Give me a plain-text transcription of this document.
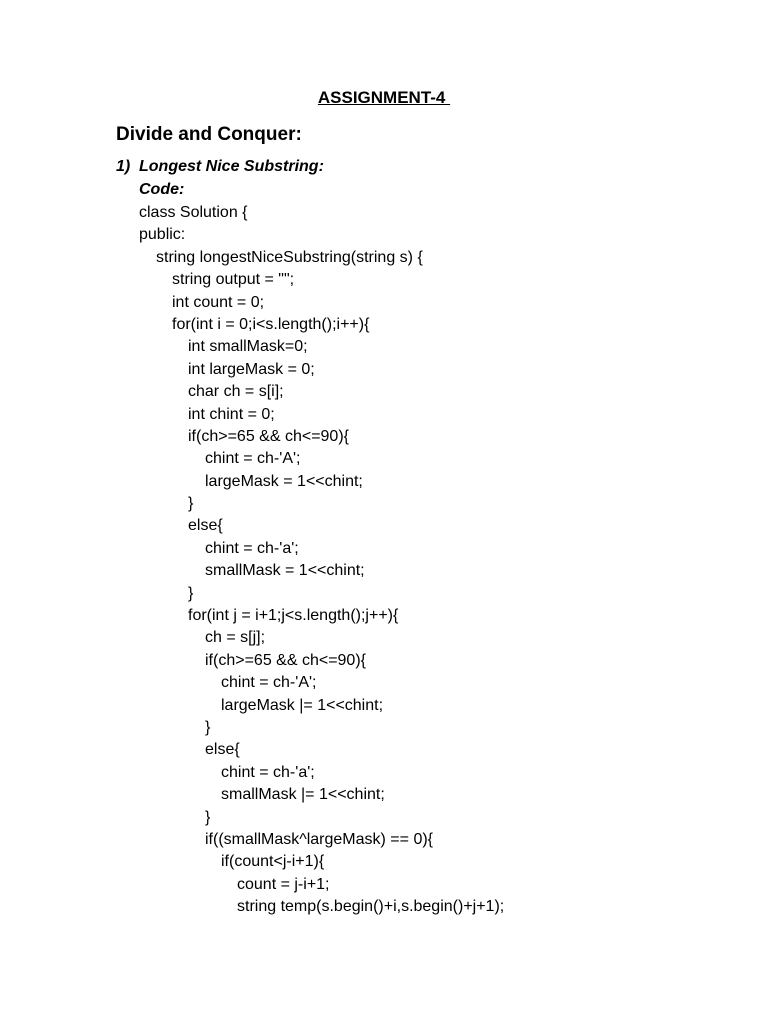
ASSIGNMENT-4
Divide and Conquer:
1) Longest Nice Substring:
Code:
class Solution {
public:
string longestNiceSubstring(string s) {
string output = "";
int count = 0;
for(int i = 0;i<s.length();i++){
int smallMask=0;
int largeMask = 0;
char ch = s[i];
int chint = 0;
if(ch>=65 && ch<=90){
chint = ch-'A';
largeMask = 1<<chint;
}
else{
chint = ch-'a';
smallMask = 1<<chint;
}
for(int j = i+1;j<s.length();j++){
ch = s[j];
if(ch>=65 && ch<=90){
chint = ch-'A';
largeMask |= 1<<chint;
}
else{
chint = ch-'a';
smallMask |= 1<<chint;
}
if((smallMask^largeMask) == 0){
if(count<j-i+1){
count = j-i+1;
string temp(s.begin()+i,s.begin()+j+1);
